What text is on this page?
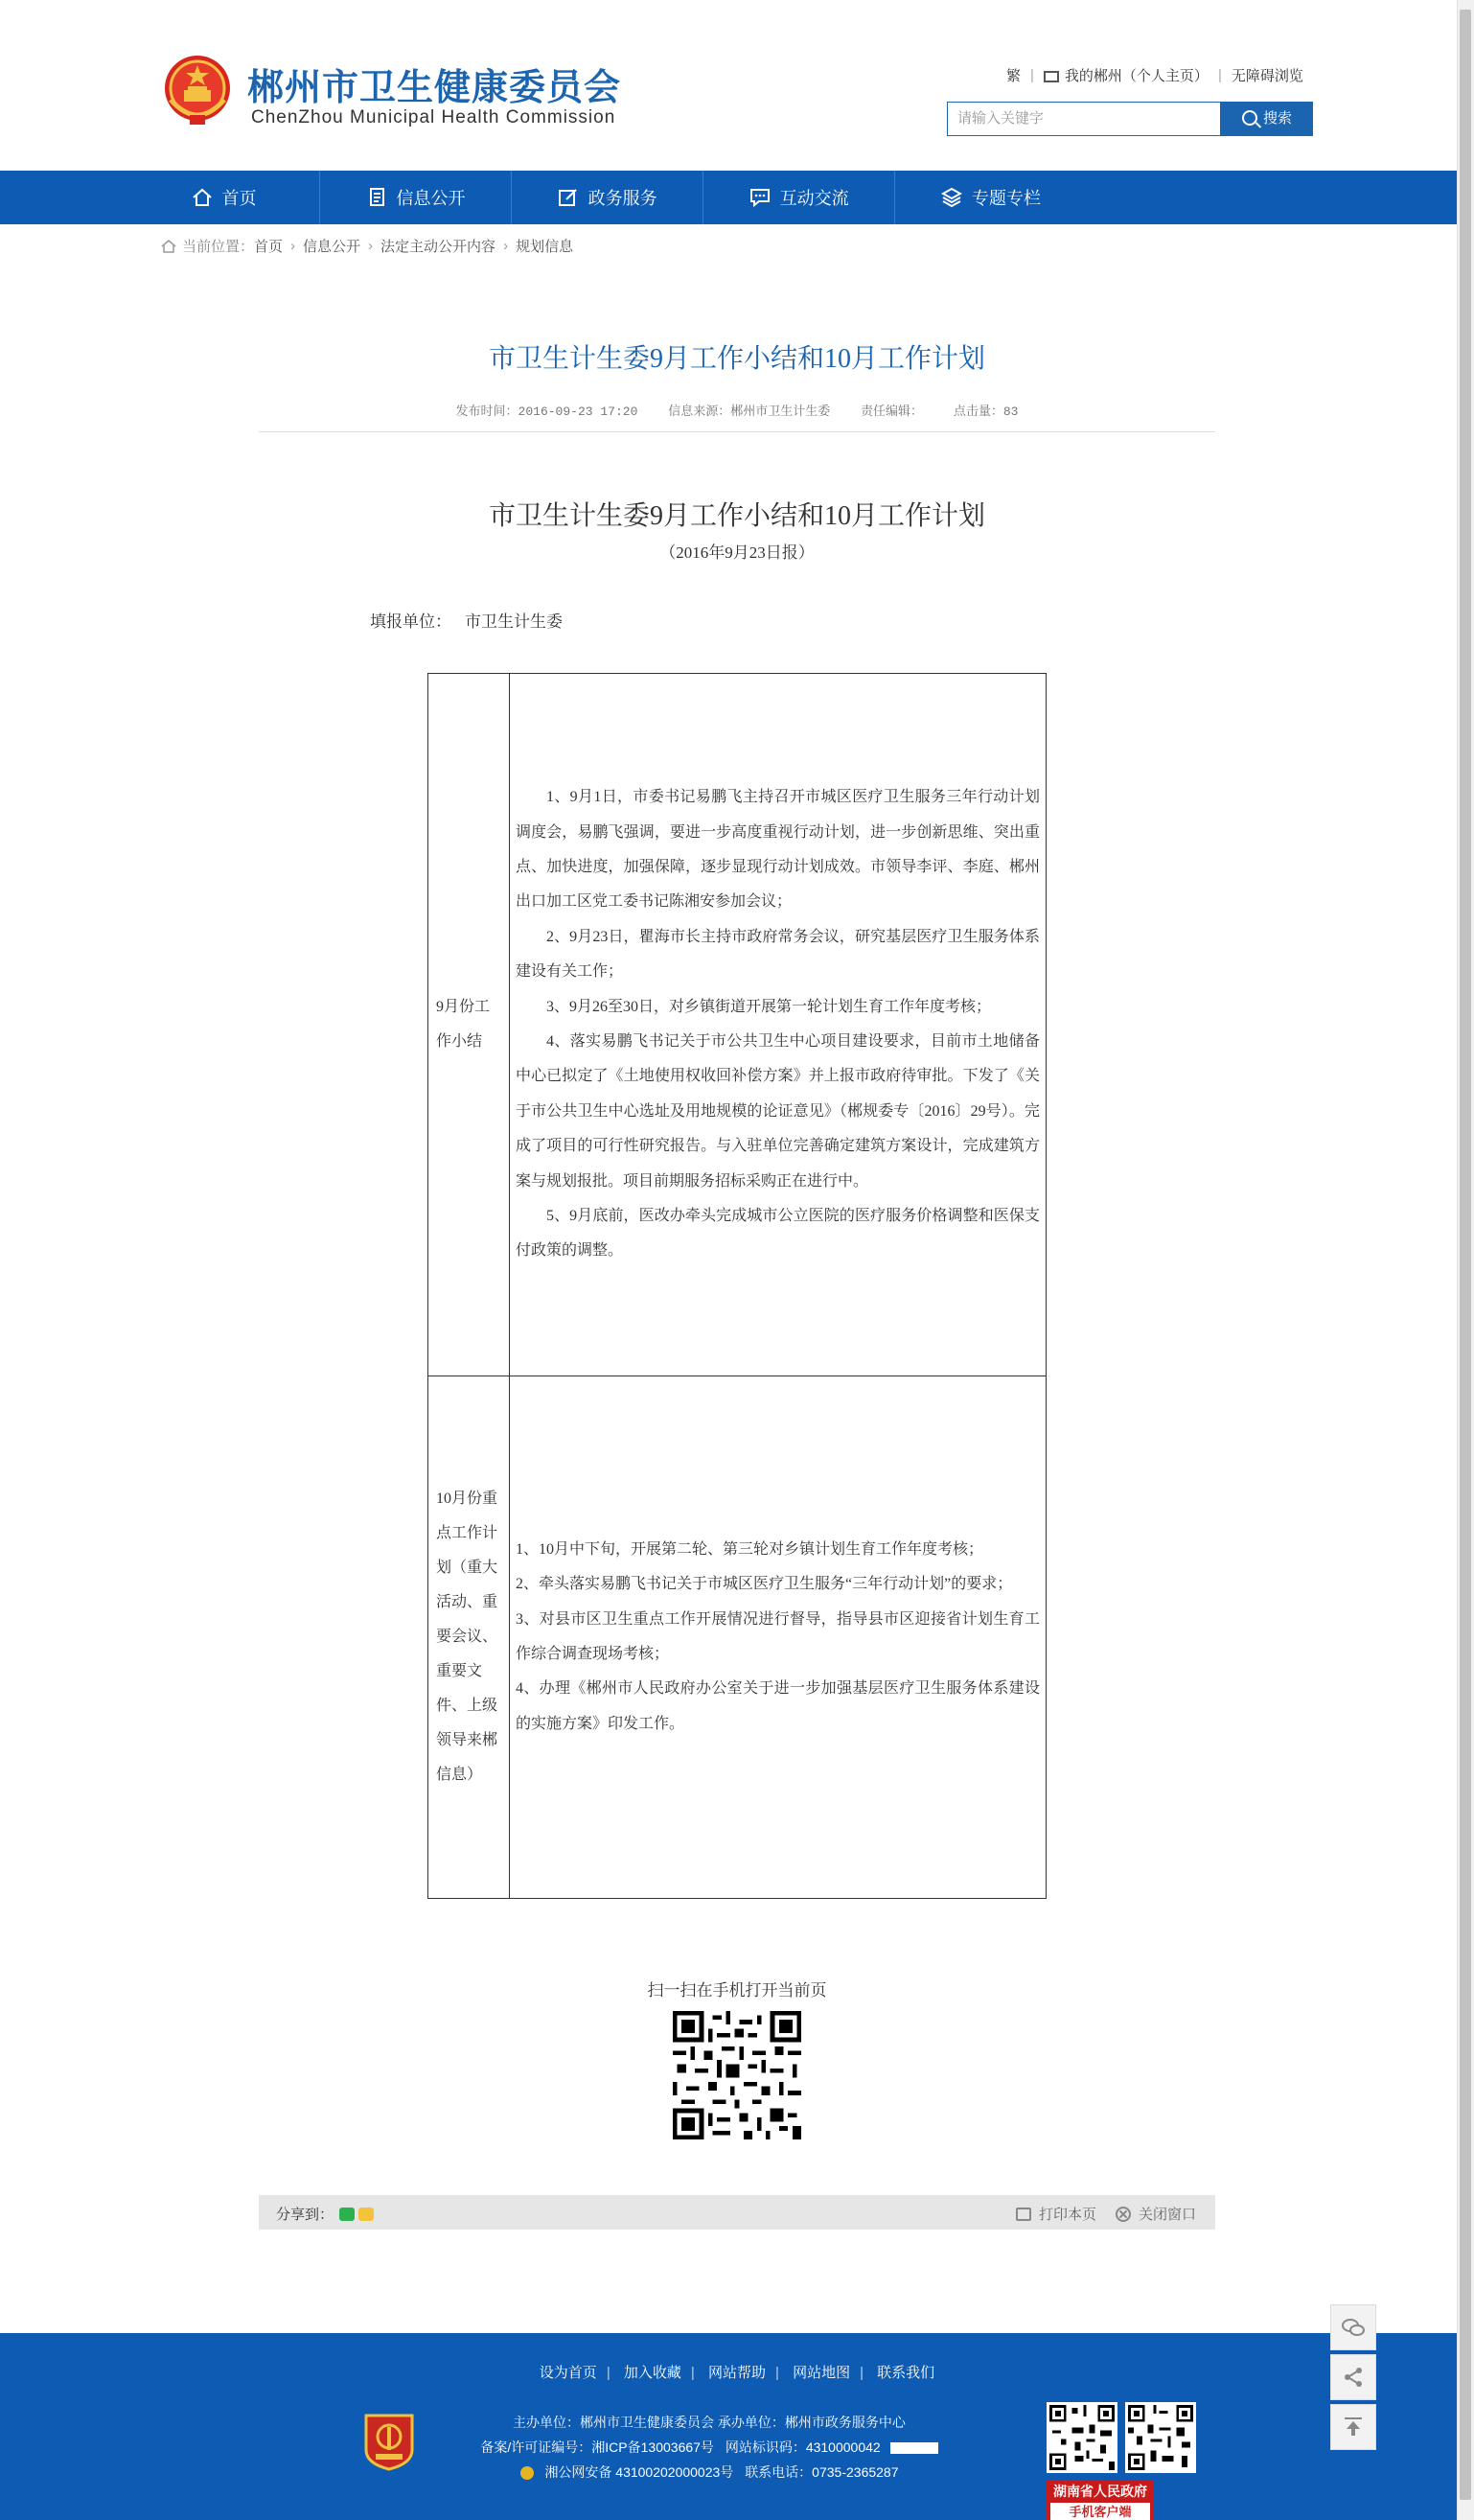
郴州市卫生健康委员会
ChenZhou Municipal Health Commission
繁 | 我的郴州（个人主页） | 无障碍浏览
请输入关键字	搜索
首页	信息公开	政务服务	互动交流	专题专栏
当前位置： 首页 › 信息公开 › 法定主动公开内容 › 规划信息
市卫生计生委9月工作小结和10月工作计划
发布时间：2016-09-23 17:20 信息来源：郴州市卫生计生委 责任编辑： 点击量：83
市卫生计生委9月工作小结和10月工作计划
（2016年9月23日报）
填报单位： 市卫生计生委
9月份工作小结	1、9月1日，市委书记易鹏飞主持召开市城区医疗卫生服务三年行动计划调度会，易鹏飞强调，要进一步高度重视行动计划，进一步创新思维、突出重点、加快进度，加强保障，逐步显现行动计划成效。市领导李评、李庭、郴州出口加工区党工委书记陈湘安参加会议；

2、9月23日，瞿海市长主持市政府常务会议，研究基层医疗卫生服务体系建设有关工作；

3、9月26至30日，对乡镇街道开展第一轮计划生育工作年度考核；

4、落实易鹏飞书记关于市公共卫生中心项目建设要求，目前市土地储备中心已拟定了《土地使用权收回补偿方案》并上报市政府待审批。下发了《关于市公共卫生中心选址及用地规模的论证意见》（郴规委专〔2016〕29号）。完成了项目的可行性研究报告。与入驻单位完善确定建筑方案设计，完成建筑方案与规划报批。项目前期服务招标采购正在进行中。

5、9月底前，医改办牵头完成城市公立医院的医疗服务价格调整和医保支付政策的调整。

10月份重点工作计划（重大活动、重要会议、重要文件、上级领导来郴信息）	1、10月中下旬，开展第二轮、第三轮对乡镇计划生育工作年度考核；

2、牵头落实易鹏飞书记关于市城区医疗卫生服务“三年行动计划”的要求；

3、对县市区卫生重点工作开展情况进行督导，指导县市区迎接省计划生育工作综合调查现场考核；

4、办理《郴州市人民政府办公室关于进一步加强基层医疗卫生服务体系建设的实施方案》印发工作。

扫一扫在手机打开当前页
分享到：	打印本页	关闭窗口
设为首页 | 加入收藏 | 网站帮助 | 网站地图 | 联系我们
主办单位：郴州市卫生健康委员会 承办单位：郴州市政务服务中心
备案/许可证编号：湘ICP备13003667号 网站标识码：4310000042
湘公网安备 43100202000023号 联系电话：0735-2365287
湖南省人民政府
手机客户端
